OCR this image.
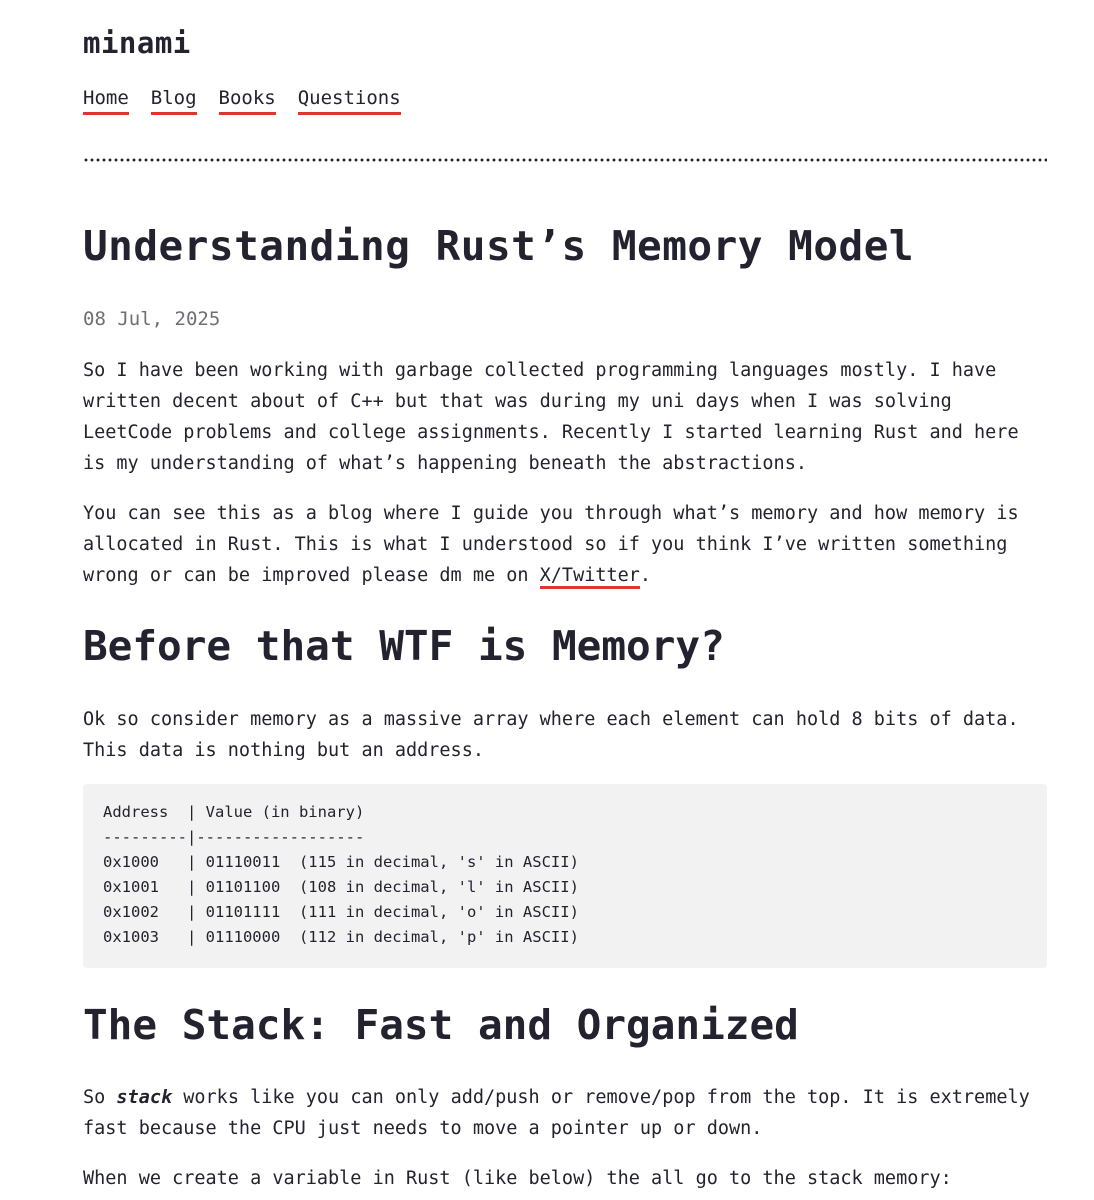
minami
Home Blog Books Questions
Understanding Rust’s Memory Model
08 Jul, 2025

So I have been working with garbage collected programming languages mostly. I have written decent about of C++ but that was during my uni days when I was solving LeetCode problems and college assignments. Recently I started learning Rust and here is my understanding of what’s happening beneath the abstractions.

You can see this as a blog where I guide you through what’s memory and how memory is allocated in Rust. This is what I understood so if you think I’ve written something wrong or can be improved please dm me on X/Twitter.

Before that WTF is Memory?

Ok so consider memory as a massive array where each element can hold 8 bits of data. This data is nothing but an address.

Address  | Value (in binary)
---------|------------------
0x1000   | 01110011  (115 in decimal, 's' in ASCII)
0x1001   | 01101100  (108 in decimal, 'l' in ASCII)
0x1002   | 01101111  (111 in decimal, 'o' in ASCII)
0x1003   | 01110000  (112 in decimal, 'p' in ASCII)
The Stack: Fast and Organized

So stack works like you can only add/push or remove/pop from the top. It is extremely fast because the CPU just needs to move a pointer up or down.

When we create a variable in Rust (like below) the all go to the stack memory:
